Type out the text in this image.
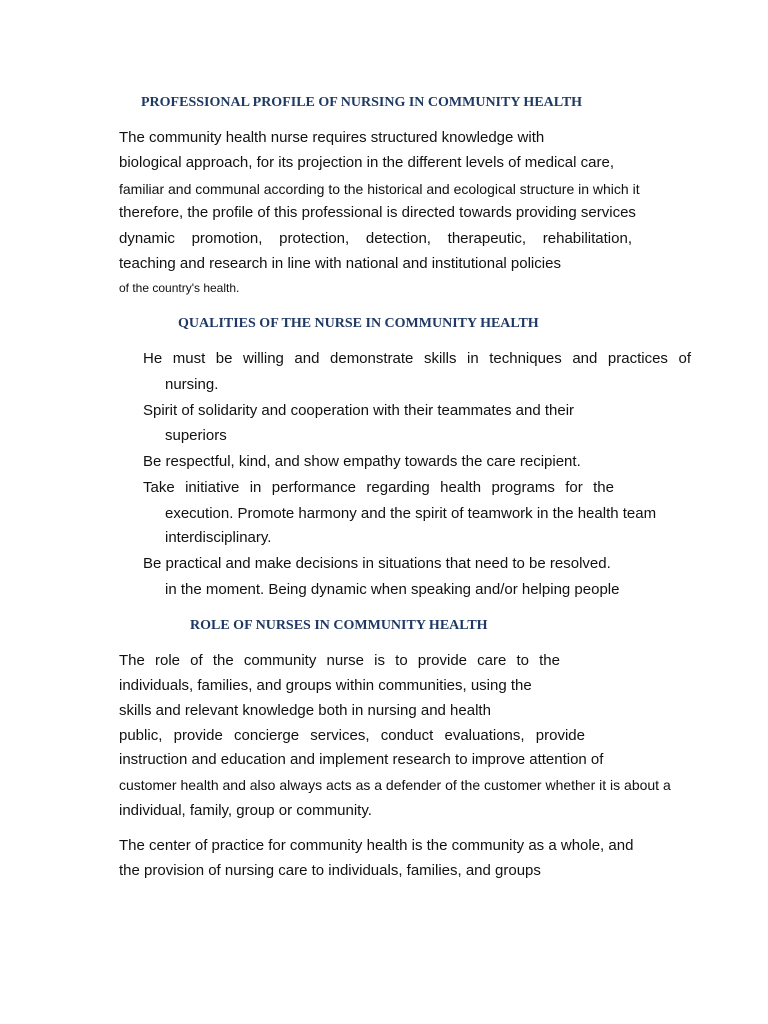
PROFESSIONAL PROFILE OF NURSING IN COMMUNITY HEALTH
The community health nurse requires structured knowledge with
biological approach, for its projection in the different levels of medical care,
familiar and communal according to the historical and ecological structure in which it
therefore, the profile of this professional is directed towards providing services
dynamic promotion, protection, detection, therapeutic, rehabilitation,
teaching and research in line with national and institutional policies
of the country's health.
QUALITIES OF THE NURSE IN COMMUNITY HEALTH
He must be willing and demonstrate skills in techniques and practices of
nursing.
Spirit of solidarity and cooperation with their teammates and their
superiors
Be respectful, kind, and show empathy towards the care recipient.
Take initiative in performance regarding health programs for the
execution. Promote harmony and the spirit of teamwork in the health team
interdisciplinary.
Be practical and make decisions in situations that need to be resolved.
in the moment. Being dynamic when speaking and/or helping people
ROLE OF NURSES IN COMMUNITY HEALTH
The role of the community nurse is to provide care to the
individuals, families, and groups within communities, using the
skills and relevant knowledge both in nursing and health
public, provide concierge services, conduct evaluations, provide
instruction and education and implement research to improve attention of
customer health and also always acts as a defender of the customer whether it is about a
individual, family, group or community.
The center of practice for community health is the community as a whole, and
the provision of nursing care to individuals, families, and groups
